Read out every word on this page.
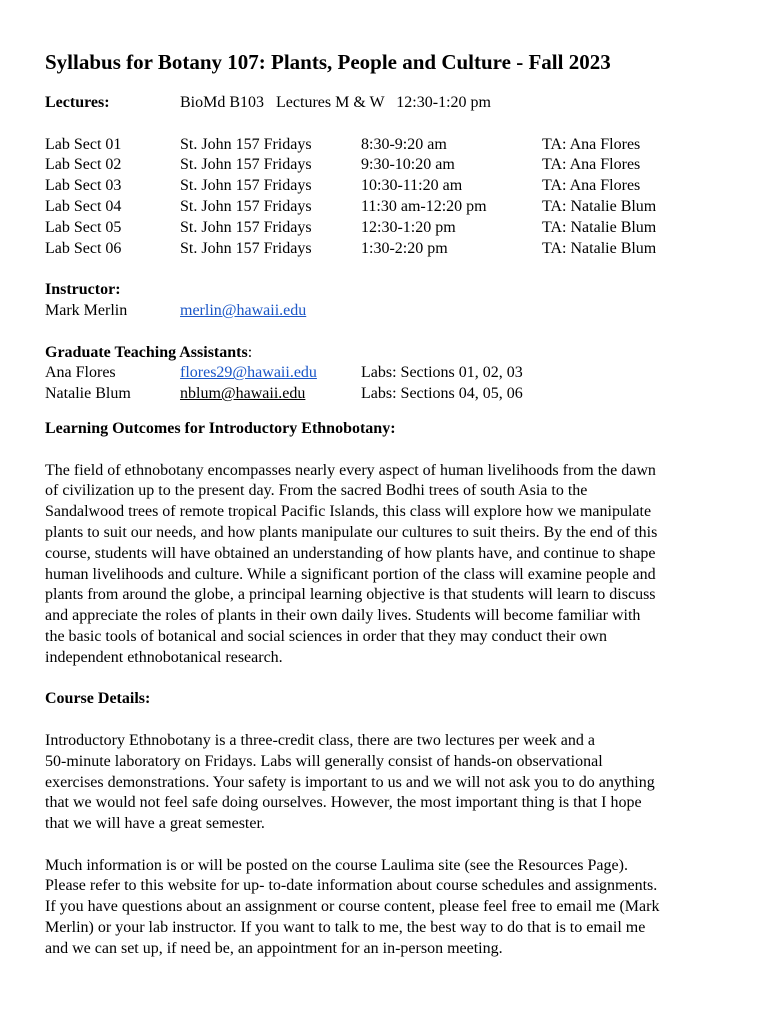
Syllabus for Botany 107: Plants, People and Culture - Fall 2023
Lectures:	BioMd B103 Lectures M & W   12:30-1:20 pm
Lab Sect 01	St. John 157 Fridays	8:30-9:20 am	TA: Ana Flores
Lab Sect 02	St. John 157 Fridays	9:30-10:20 am	TA: Ana Flores
Lab Sect 03	St. John 157 Fridays	10:30-11:20 am	TA: Ana Flores
Lab Sect 04	St. John 157 Fridays	11:30 am-12:20 pm	TA: Natalie Blum
Lab Sect 05	St. John 157 Fridays	12:30-1:20 pm	TA: Natalie Blum
Lab Sect 06	St. John 157 Fridays	1:30-2:20 pm	TA: Natalie Blum
Instructor:
Mark Merlin	merlin@hawaii.edu
Graduate Teaching Assistants:
Ana Flores	flores29@hawaii.edu	Labs: Sections 01, 02, 03
Natalie Blum	nblum@hawaii.edu	Labs: Sections 04, 05, 06
Learning Outcomes for Introductory Ethnobotany:

The field of ethnobotany encompasses nearly every aspect of human livelihoods from the dawn
of civilization up to the present day. From the sacred Bodhi trees of south Asia to the
Sandalwood trees of remote tropical Pacific Islands, this class will explore how we manipulate
plants to suit our needs, and how plants manipulate our cultures to suit theirs. By the end of this
course, students will have obtained an understanding of how plants have, and continue to shape
human livelihoods and culture. While a significant portion of the class will examine people and
plants from around the globe, a principal learning objective is that students will learn to discuss
and appreciate the roles of plants in their own daily lives. Students will become familiar with
the basic tools of botanical and social sciences in order that they may conduct their own
independent ethnobotanical research.

Course Details:

Introductory Ethnobotany is a three-credit class, there are two lectures per week and a
50-minute laboratory on Fridays. Labs will generally consist of hands-on observational
exercises demonstrations. Your safety is important to us and we will not ask you to do anything
that we would not feel safe doing ourselves. However, the most important thing is that I hope
that we will have a great semester.

Much information is or will be posted on the course Laulima site (see the Resources Page).
Please refer to this website for up- to-date information about course schedules and assignments.
If you have questions about an assignment or course content, please feel free to email me (Mark
Merlin) or your lab instructor. If you want to talk to me, the best way to do that is to email me
and we can set up, if need be, an appointment for an in-person meeting.
